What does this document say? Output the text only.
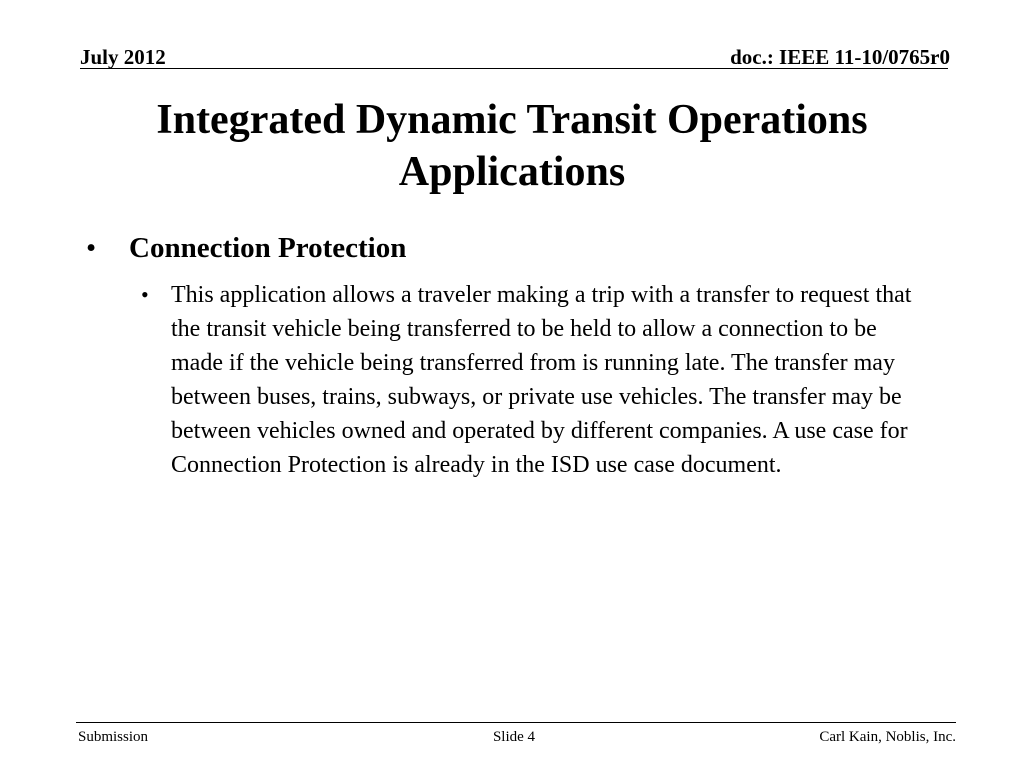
July 2012	doc.: IEEE 11-10/0765r0
Integrated Dynamic Transit Operations Applications
• Connection Protection
• This application allows a traveler making a trip with a transfer to request that the transit vehicle being transferred to be held to allow a connection to be made if the vehicle being transferred from is running late. The transfer may between buses, trains, subways, or private use vehicles. The transfer may be between vehicles owned and operated by different companies. A use case for Connection Protection is already in the ISD use case document.
Submission	Slide 4	Carl Kain, Noblis, Inc.
